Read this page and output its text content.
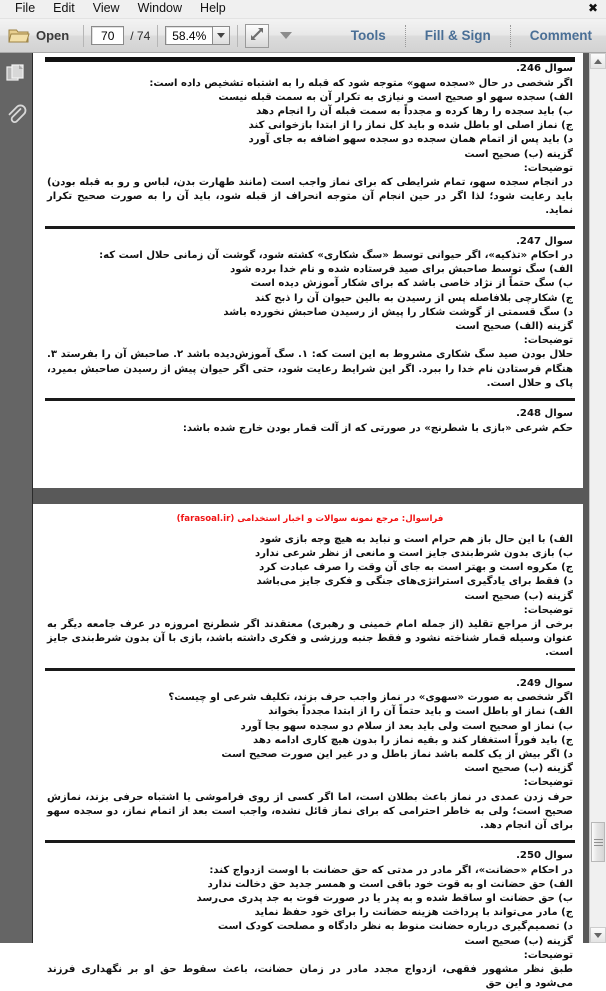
File	Edit	View	Window	Help	✖
Open	70	/ 74	58.4%	Tools	Fill & Sign	Comment
سوال 246.
اگر شخصی در حال «سجده سهو» متوجه شود که قبله را به اشتباه تشخیص داده است:
الف) سجده سهو او صحیح است و نیازی به تکرار آن به سمت قبله نیست
ب) باید سجده را رها کرده و مجدداً به سمت قبله آن را انجام دهد
ج) نماز اصلی او باطل شده و باید کل نماز را از ابتدا بازخوانی کند
د) باید پس از اتمام همان سجده دو سجده سهو اضافه به جای آورد
گزینه (ب) صحیح است
توضیحات:
در انجام سجده سهو، تمام شرایطی که برای نماز واجب است (مانند طهارت بدن، لباس و رو به قبله بودن) باید رعایت شود؛ لذا اگر در حین انجام آن متوجه انحراف از قبله شود، باید آن را به صورت صحیح تکرار نماید.
سوال 247.
در احکام «تذکیه»، اگر حیوانی توسط «سگ شکاری» کشته شود، گوشت آن زمانی حلال است که:
الف) سگ توسط صاحبش برای صید فرستاده شده و نام خدا برده شود
ب) سگ حتماً از نژاد خاصی باشد که برای شکار آموزش دیده است
ج) شکارچی بلافاصله پس از رسیدن به بالین حیوان آن را ذبح کند
د) سگ قسمتی از گوشت شکار را پیش از رسیدن صاحبش نخورده باشد
گزینه (الف) صحیح است
توضیحات:
حلال بودن صید سگ شکاری مشروط به این است که: ۱. سگ آموزش‌دیده باشد ۲. صاحبش آن را بفرستد ۳. هنگام فرستادن نام خدا را ببرد. اگر این شرایط رعایت شود، حتی اگر حیوان پیش از رسیدن صاحبش بمیرد، پاک و حلال است.
سوال 248.
حکم شرعی «بازی با شطرنج» در صورتی که از آلت قمار بودن خارج شده باشد:
فراسوال: مرجع نمونه سوالات و اخبار استخدامی (farasoal.ir)
الف) با این حال باز هم حرام است و نباید به هیچ وجه بازی شود
ب) بازی بدون شرط‌بندی جایز است و مانعی از نظر شرعی ندارد
ج) مکروه است و بهتر است به جای آن وقت را صرف عبادت کرد
د) فقط برای یادگیری استراتژی‌های جنگی و فکری جایز می‌باشد
گزینه (ب) صحیح است
توضیحات:
برخی از مراجع تقلید (از جمله امام خمینی و رهبری) معتقدند اگر شطرنج امروزه در عرف جامعه دیگر به عنوان وسیله قمار شناخته نشود و فقط جنبه ورزشی و فکری داشته باشد، بازی با آن بدون شرط‌بندی جایز است.
سوال 249.
اگر شخصی به صورت «سهوی» در نماز واجب حرف بزند، تکلیف شرعی او چیست؟
الف) نماز او باطل است و باید حتماً آن را از ابتدا مجدداً بخواند
ب) نماز او صحیح است ولی باید بعد از سلام دو سجده سهو بجا آورد
ج) باید فوراً استغفار کند و بقیه نماز را بدون هیچ کاری ادامه دهد
د) اگر بیش از یک کلمه باشد نماز باطل و در غیر این صورت صحیح است
گزینه (ب) صحیح است
توضیحات:
حرف زدن عمدی در نماز باعث بطلان است، اما اگر کسی از روی فراموشی یا اشتباه حرفی بزند، نمازش صحیح است؛ ولی به خاطر احترامی که برای نماز قائل نشده، واجب است بعد از اتمام نماز، دو سجده سهو برای آن انجام دهد.
سوال 250.
در احکام «حضانت»، اگر مادر در مدتی که حق حضانت با اوست ازدواج کند:
الف) حق حضانت او به قوت خود باقی است و همسر جدید حق دخالت ندارد
ب) حق حضانت او ساقط شده و به پدر یا در صورت فوت به جد پدری می‌رسد
ج) مادر می‌تواند با پرداخت هزینه حضانت را برای خود حفظ نماید
د) تصمیم‌گیری درباره حضانت منوط به نظر دادگاه و مصلحت کودک است
گزینه (ب) صحیح است
توضیحات:
طبق نظر مشهور فقهی، ازدواج مجدد مادر در زمان حضانت، باعث سقوط حق او بر نگهداری فرزند می‌شود و این حق
